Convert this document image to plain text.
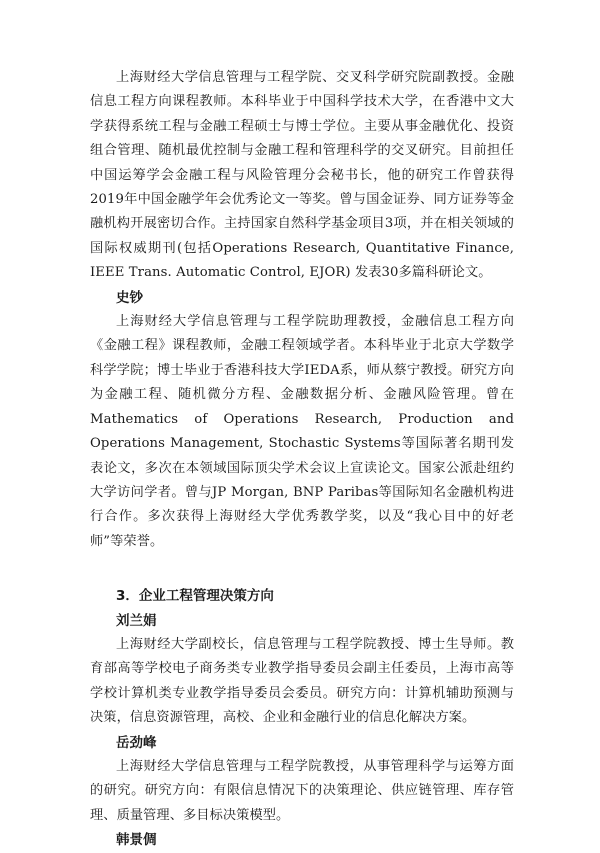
上海财经大学信息管理与工程学院、交叉科学研究院副教授。金融信息工程方向课程教师。本科毕业于中国科学技术大学，在香港中文大学获得系统工程与金融工程硕士与博士学位。主要从事金融优化、投资组合管理、随机最优控制与金融工程和管理科学的交叉研究。目前担任中国运筹学会金融工程与风险管理分会秘书长，他的研究工作曾获得2019年中国金融学年会优秀论文一等奖。曾与国金证券、同方证券等金融机构开展密切合作。主持国家自然科学基金项目3项，并在相关领域的国际权威期刊(包括Operations Research, Quantitative Finance, IEEE Trans. Automatic Control, EJOR) 发表30多篇科研论文。

史钞

上海财经大学信息管理与工程学院助理教授，金融信息工程方向《金融工程》课程教师，金融工程领域学者。本科毕业于北京大学数学科学学院；博士毕业于香港科技大学IEDA系，师从蔡宁教授。研究方向为金融工程、随机微分方程、金融数据分析、金融风险管理。曾在Mathematics of Operations Research, Production and Operations Management, Stochastic Systems等国际著名期刊发表论文，多次在本领域国际顶尖学术会议上宣读论文。国家公派赴纽约大学访问学者。曾与JP Morgan, BNP Paribas等国际知名金融机构进行合作。多次获得上海财经大学优秀教学奖，以及“我心目中的好老师”等荣誉。

3．企业工程管理决策方向

刘兰娟

上海财经大学副校长，信息管理与工程学院教授、博士生导师。教育部高等学校电子商务类专业教学指导委员会副主任委员，上海市高等学校计算机类专业教学指导委员会委员。研究方向：计算机辅助预测与决策，信息资源管理，高校、企业和金融行业的信息化解决方案。

岳劲峰

上海财经大学信息管理与工程学院教授，从事管理科学与运筹方面的研究。研究方向：有限信息情况下的决策理论、供应链管理、库存管理、质量管理、多目标决策模型。

韩景倜
